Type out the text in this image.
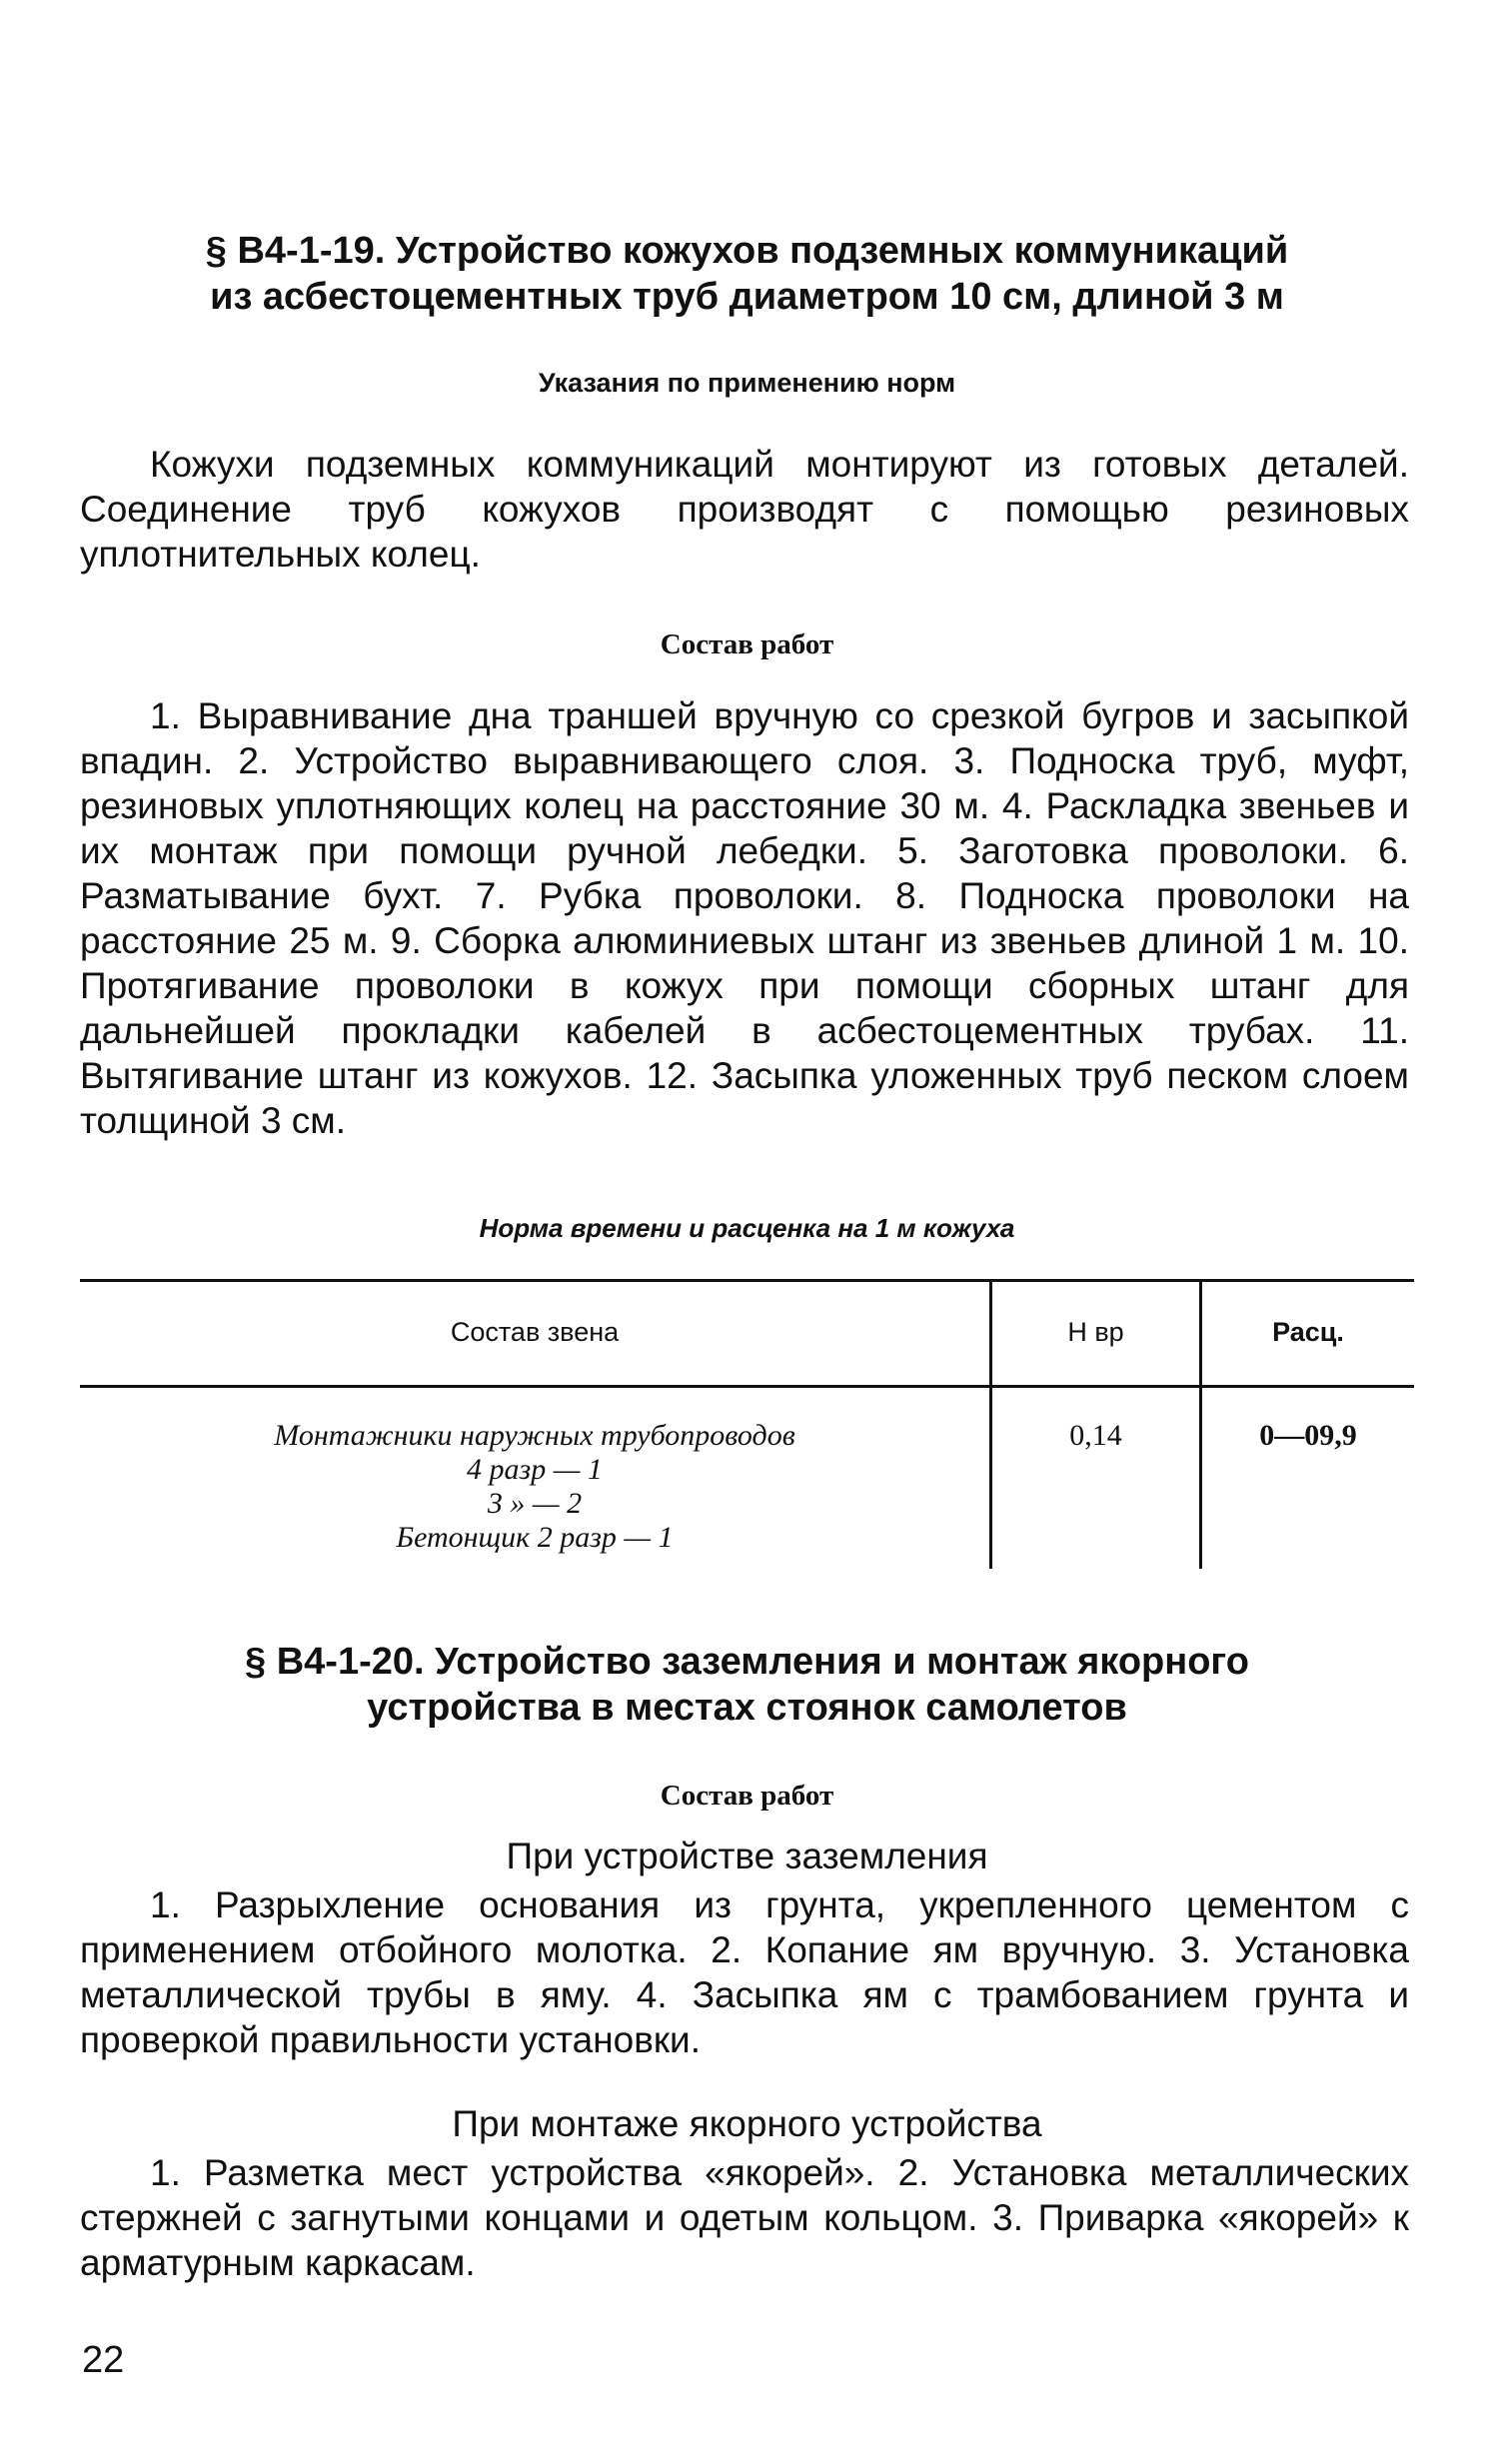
§ В4-1-19. Устройство кожухов подземных коммуникаций
из асбестоцементных труб диаметром 10 см, длиной 3 м
Указания по применению норм
Кожухи подземных коммуникаций монтируют из готовых деталей. Соединение труб кожухов производят с помощью резиновых уплотнительных колец.
Состав работ
1. Выравнивание дна траншей вручную со срезкой бугров и засыпкой впадин. 2. Устройство выравнивающего слоя. 3. Подноска труб, муфт, резиновых уплотняющих колец на расстояние 30 м. 4. Раскладка звеньев и их монтаж при помощи ручной лебедки. 5. Заготовка проволоки. 6. Разматывание бухт. 7. Рубка проволоки. 8. Подноска проволоки на расстояние 25 м. 9. Сборка алюминиевых штанг из звеньев длиной 1 м. 10. Протягивание проволоки в кожух при помощи сборных штанг для дальнейшей прокладки кабелей в асбестоцементных трубах. 11. Вытягивание штанг из кожухов. 12. Засыпка уложенных труб песком слоем толщиной 3 см.
Норма времени и расценка на 1 м кожуха
Состав звена	Н вр	Расц.
Монтажники наружных трубопроводов
4 разр — 1
3 » — 2
Бетонщик 2 разр — 1
0,14	0—09,9
§ В4-1-20. Устройство заземления и монтаж якорного
устройства в местах стоянок самолетов
Состав работ
При устройстве заземления
1. Разрыхление основания из грунта, укрепленного цементом с применением отбойного молотка. 2. Копание ям вручную. 3. Установка металлической трубы в яму. 4. Засыпка ям с трамбованием грунта и проверкой правильности установки.
При монтаже якорного устройства
1. Разметка мест устройства «якорей». 2. Установка металлических стержней с загнутыми концами и одетым кольцом. 3. Приварка «якорей» к арматурным каркасам.
22
